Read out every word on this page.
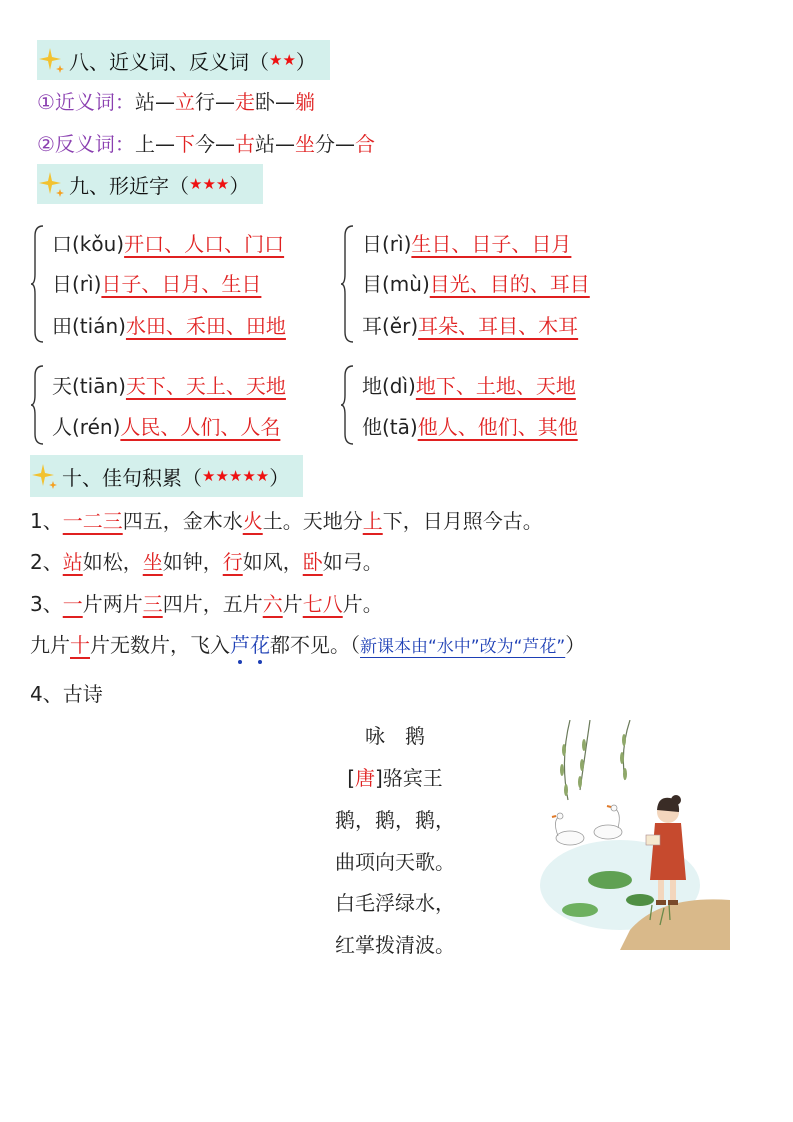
八、近义词、反义词（ ★★ ）
①近义词：站—立行—走卧—躺
②反义词：上—下今—古站—坐分—合
九、形近字（ ★★★ ）
口(kǒu)开口、人口、门口
日(rì)日子、日月、生日
田(tián)水田、禾田、田地
日(rì)生日、日子、日月
目(mù)目光、目的、耳目
耳(ěr)耳朵、耳目、木耳
天(tiān)天下、天上、天地
人(rén)人民、人们、人名
地(dì)地下、土地、天地
他(tā)他人、他们、其他
十、佳句积累（ ★★★★★ ）
1、一二三四五，金木水火土。天地分上下，日月照今古。
2、站如松，坐如钟，行如风，卧如弓。
3、一片两片三四片，五片六片七八片。
九片十片无数片，飞入芦花都不见。（新课本由“水中”改为“芦花”）
4、古诗
咏　鹅
[唐]骆宾王
鹅，鹅，鹅，
曲项向天歌。
白毛浮绿水，
红掌拨清波。
